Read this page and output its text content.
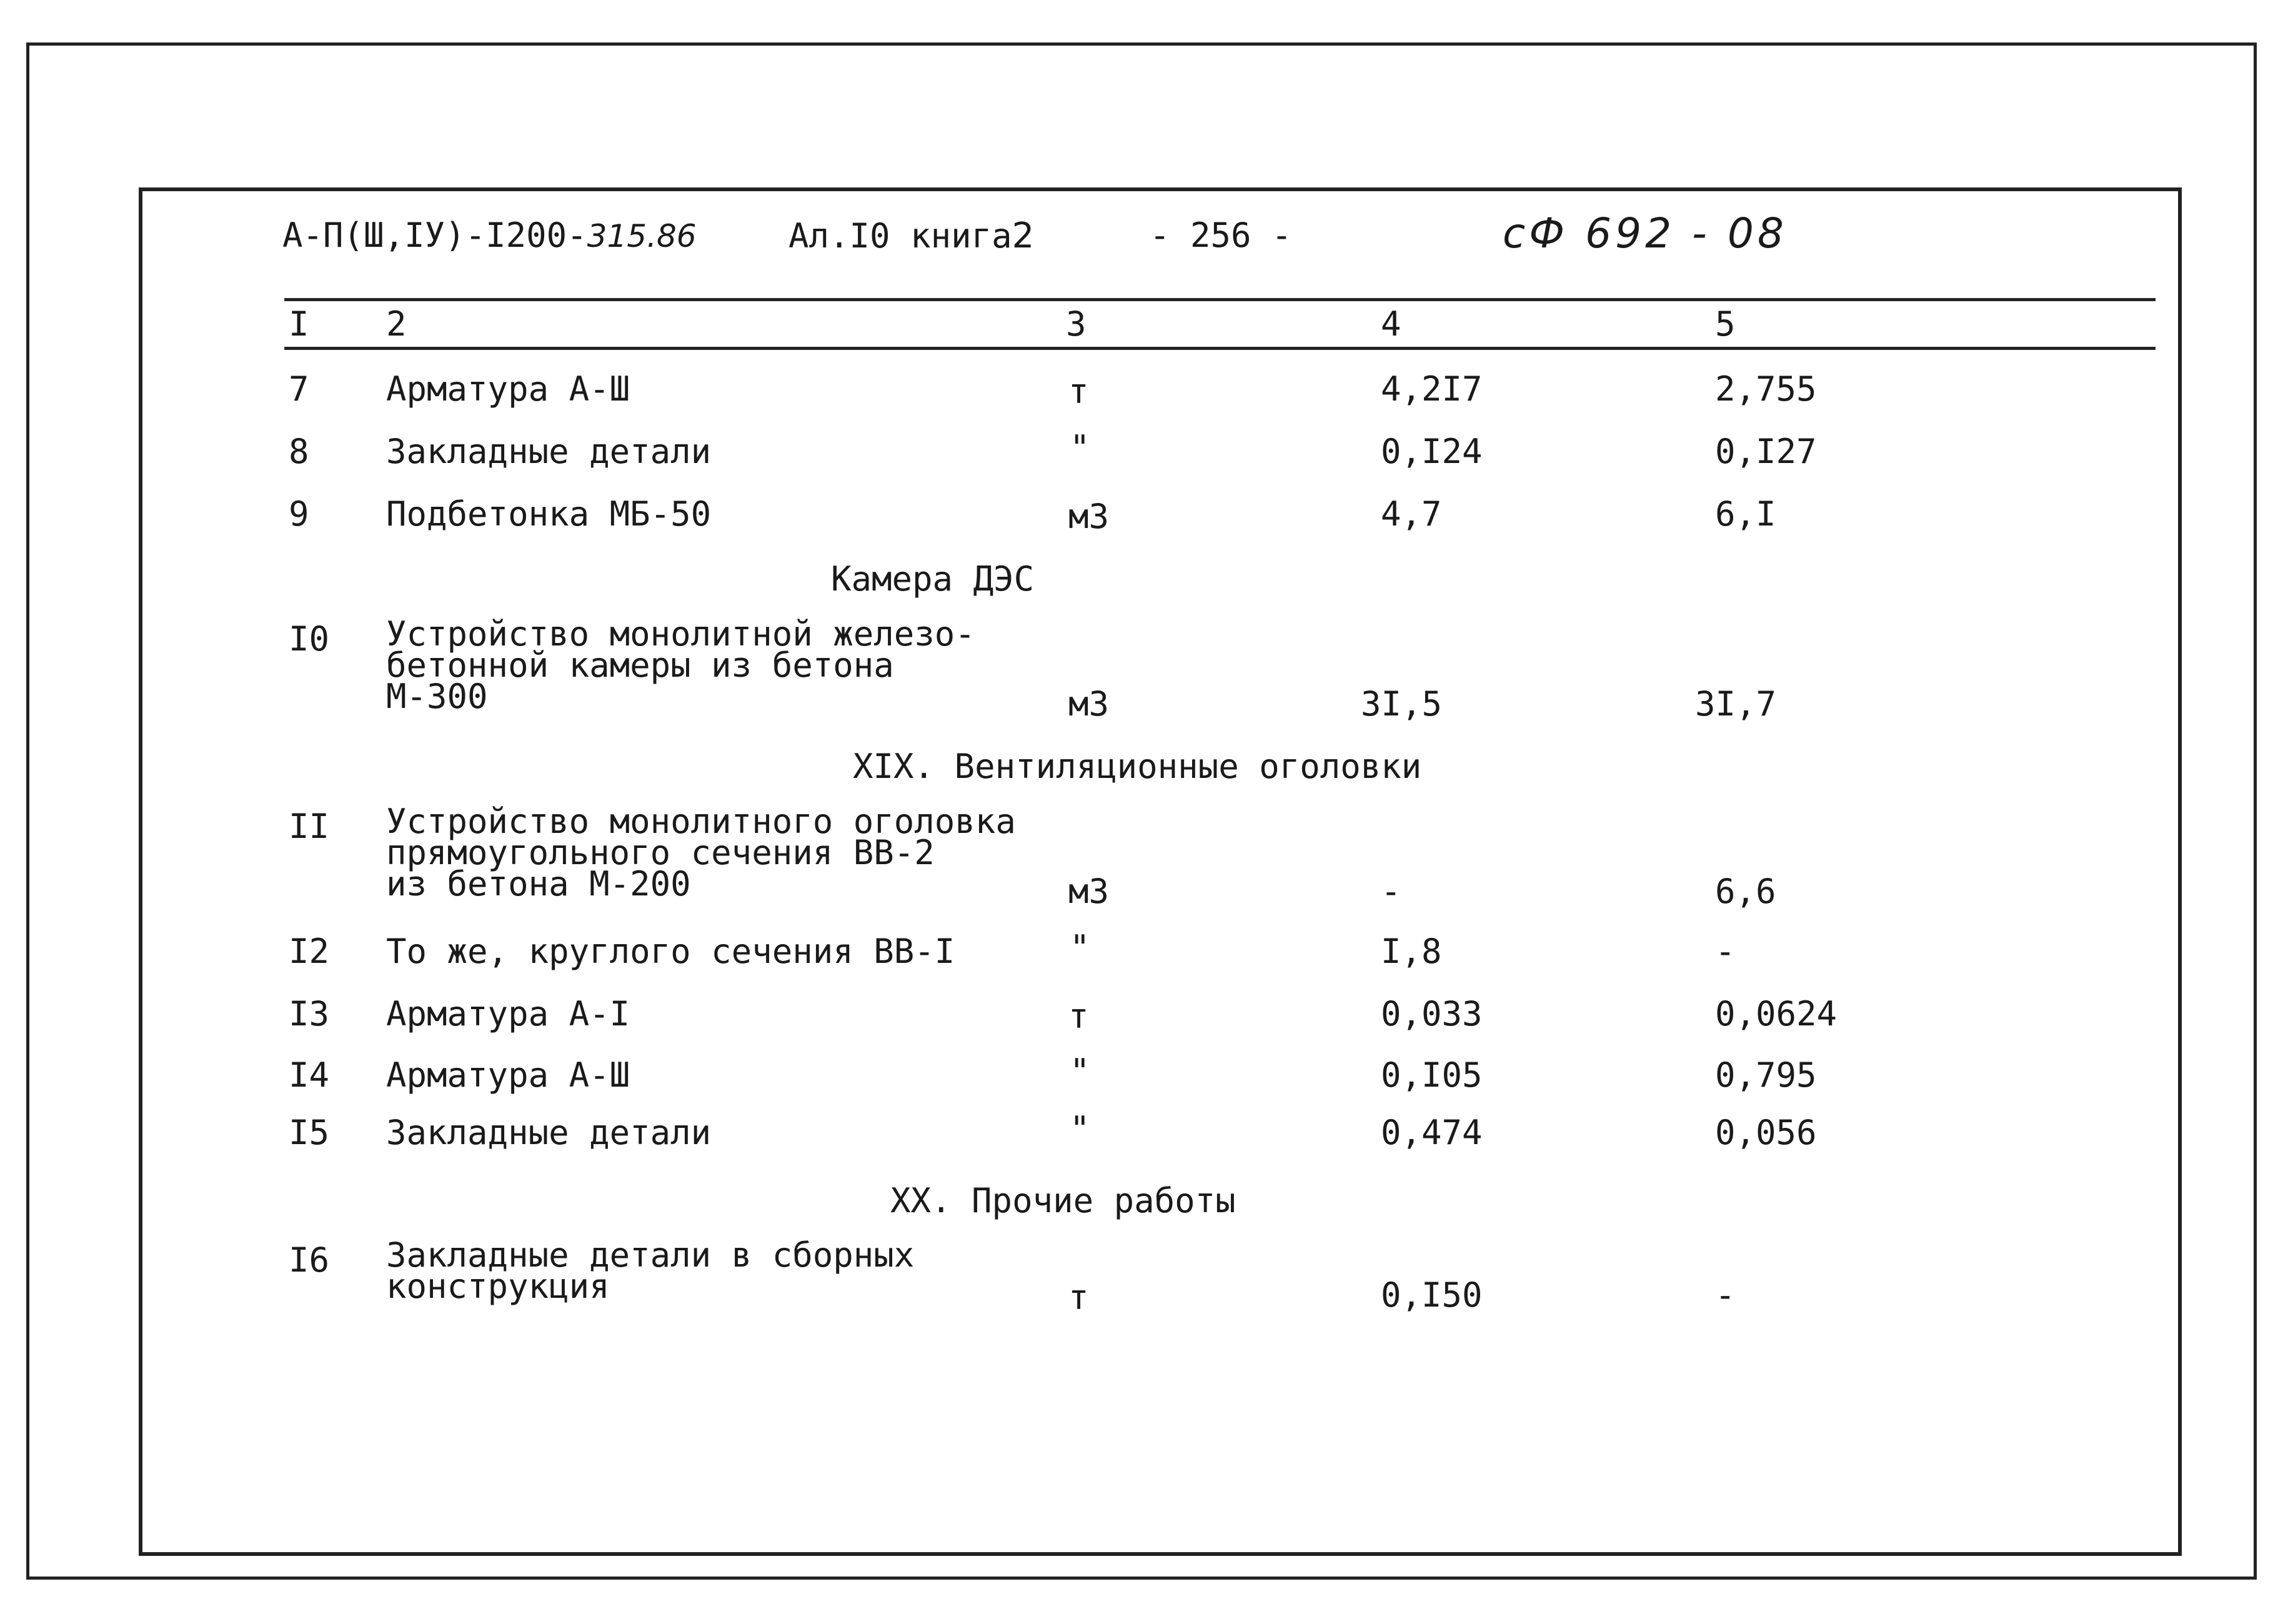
А-П(Ш,IУ)-I200-315.86	Ал.I0 книга2	- 256 -	сФ 692 - 08
I 2	3	4	5
7 Арматура А-Ш	т	4,2I7	2,755
8 Закладные детали	"	0,I24	0,I27
9 Подбетонка МБ-50	м3	4,7	6,I
Камера ДЭС
I0 Устройство монолитной железо-
бетонной камеры из бетона
М-300	м3	3I,5	3I,7
XIX. Вентиляционные оголовки
II Устройство монолитного оголовка
прямоугольного сечения ВВ-2
из бетона М-200	м3	-	6,6
I2 То же, круглого сечения ВВ-I	"	I,8	-
I3 Арматура А-I	т	0,033	0,0624
I4 Арматура А-Ш	"	0,I05	0,795
I5 Закладные детали	"	0,474	0,056
XX. Прочие работы
I6 Закладные детали в сборных
конструкция	т	0,I50	-
